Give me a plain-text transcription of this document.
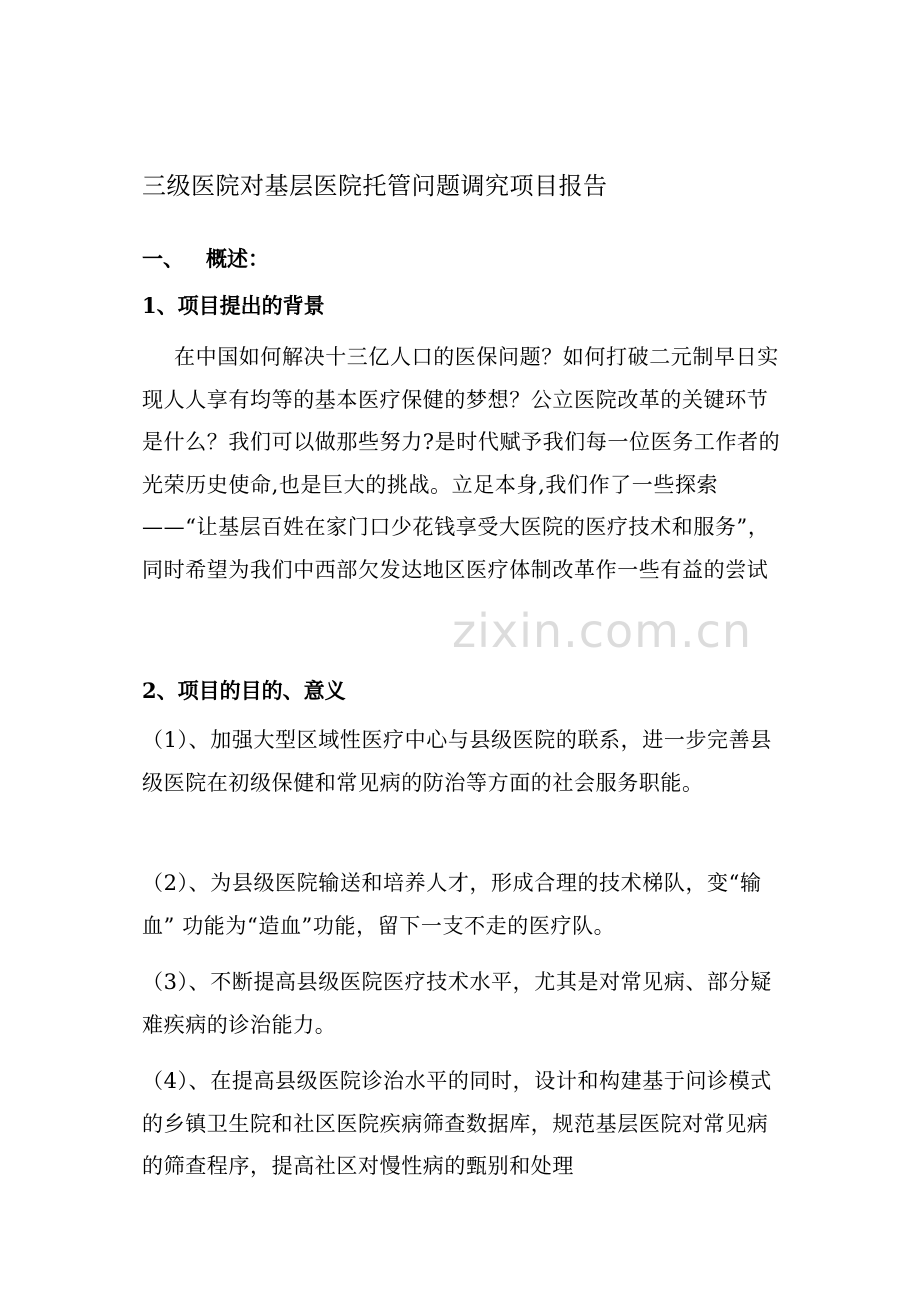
zixin.com.cn
三级医院对基层医院托管问题调究项目报告
一、 概述：
1、项目提出的背景
在中国如何解决十三亿人口的医保问题？如何打破二元制早日实现人人享有均等的基本医疗保健的梦想？公立医院改革的关键环节是什么？我们可以做那些努力?是时代赋予我们每一位医务工作者的光荣历史使命,也是巨大的挑战。立足本身,我们作了一些探索——“让基层百姓在家门口少花钱享受大医院的医疗技术和服务”，同时希望为我们中西部欠发达地区医疗体制改革作一些有益的尝试
2、项目的目的、意义
（1）、加强大型区域性医疗中心与县级医院的联系，进一步完善县级医院在初级保健和常见病的防治等方面的社会服务职能。
（2）、为县级医院输送和培养人才，形成合理的技术梯队，变“输血” 功能为“造血”功能，留下一支不走的医疗队。
（3）、不断提高县级医院医疗技术水平，尤其是对常见病、部分疑难疾病的诊治能力。
（4）、在提高县级医院诊治水平的同时，设计和构建基于问诊模式的乡镇卫生院和社区医院疾病筛查数据库，规范基层医院对常见病的筛查程序，提高社区对慢性病的甄别和处理
